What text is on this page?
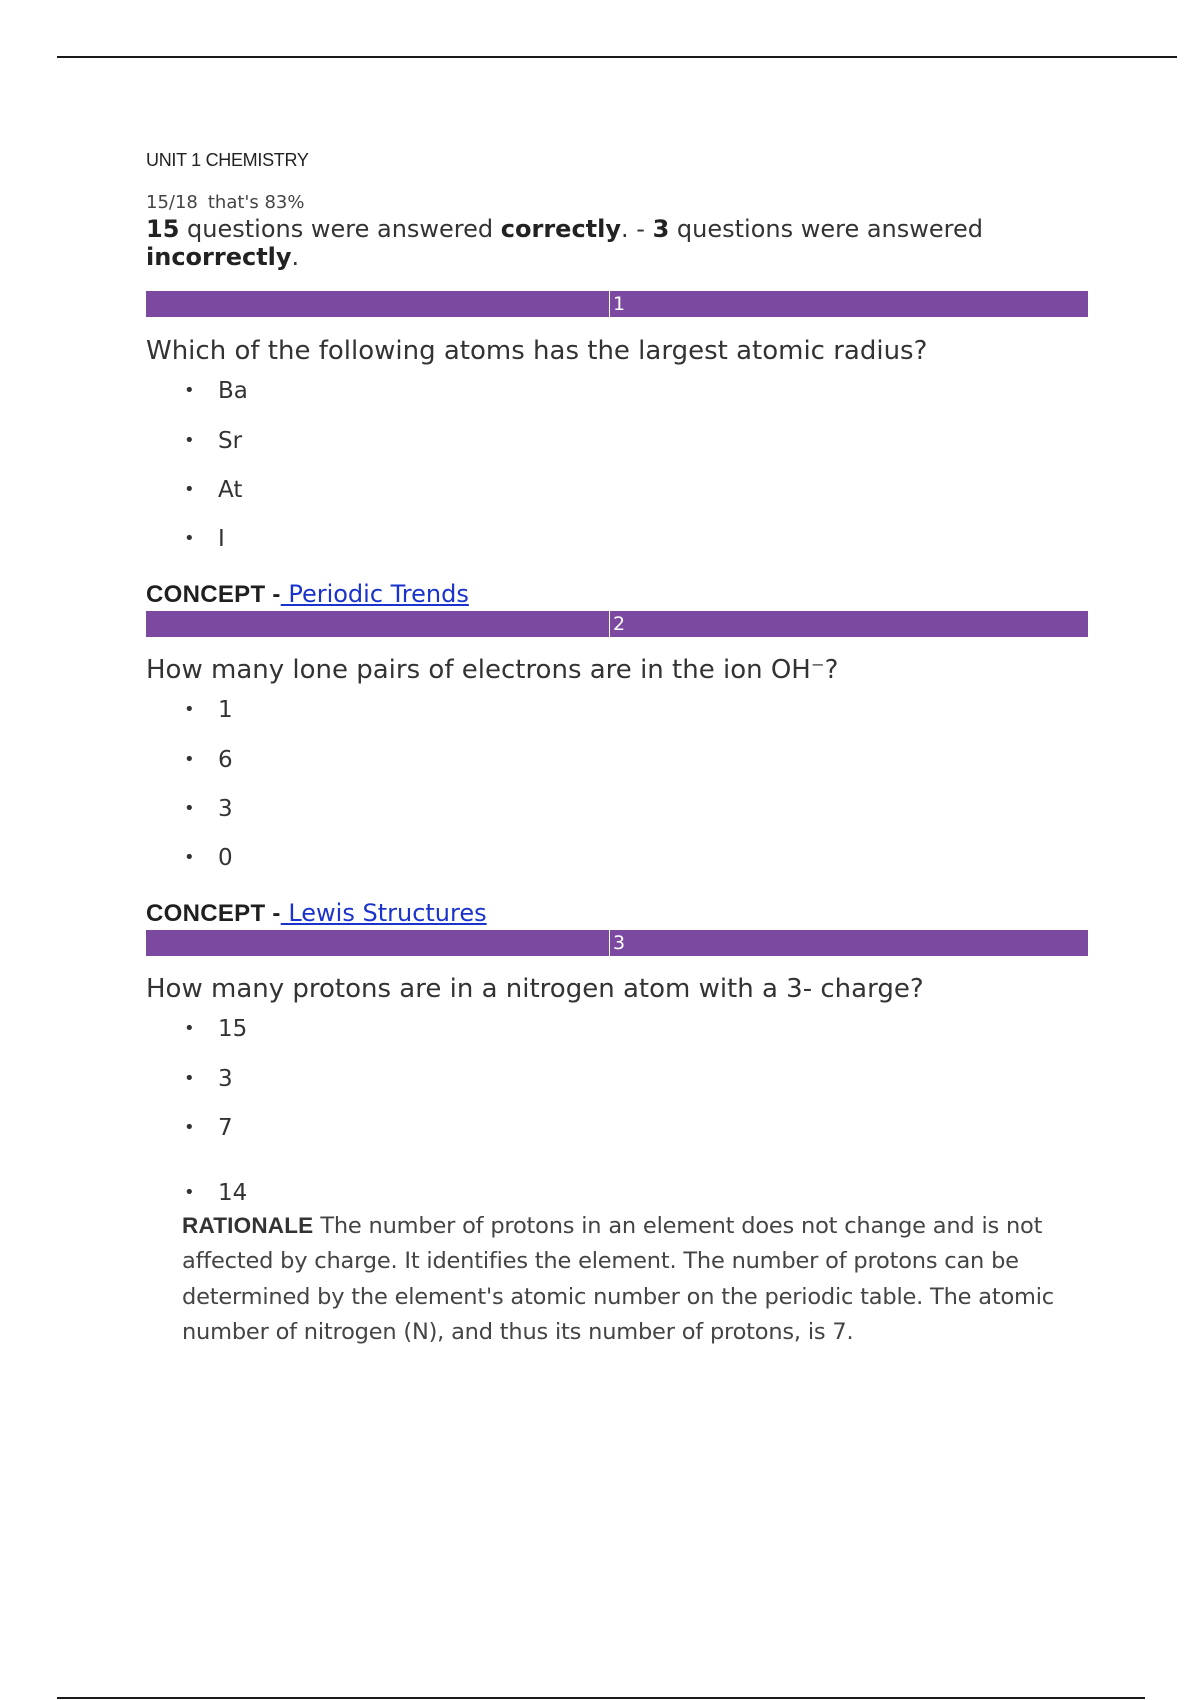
UNIT 1 CHEMISTRY
15/18 that's 83%
15 questions were answered correctly. - 3 questions were answered incorrectly.
1
Which of the following atoms has the largest atomic radius?
• Ba
• Sr
• At
• I
CONCEPT - Periodic Trends
2
How many lone pairs of electrons are in the ion OH⁻?
• 1
• 6
• 3
• 0
CONCEPT - Lewis Structures
3
How many protons are in a nitrogen atom with a 3- charge?
• 15
• 3
• 7
• 14
RATIONALE The number of protons in an element does not change and is not affected by charge. It identifies the element. The number of protons can be determined by the element's atomic number on the periodic table. The atomic number of nitrogen (N), and thus its number of protons, is 7.
